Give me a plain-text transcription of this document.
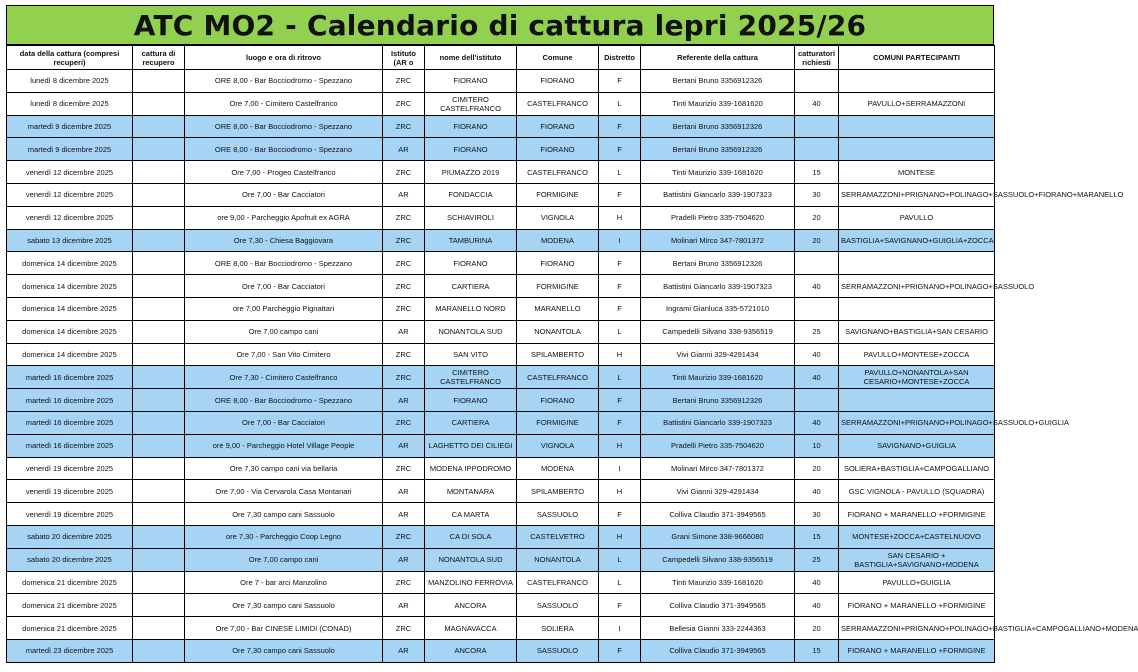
ATC MO2 - Calendario di cattura lepri 2025/26
data della cattura (compresi recuperi)	cattura di recupero	luogo e ora di ritrovo	Istituto (AR o	nome dell'istituto	Comune	Distretto	Referente della cattura	catturatori richiesti	COMUNI PARTECIPANTI
lunedì 8 dicembre 2025		ORE 8,00 - Bar Bocciodromo - Spezzano	ZRC	FIORANO	FIORANO	F	Bertani Bruno 3356912326		
lunedì 8 dicembre 2025		Ore 7,00 - Cimitero Castelfranco	ZRC	CIMITERO CASTELFRANCO	CASTELFRANCO	L	Tinti Maurizio 339-1681620	40	PAVULLO+SERRAMAZZONI
martedì 9 dicembre 2025		ORE 8,00 - Bar Bocciodromo - Spezzano	ZRC	FIORANO	FIORANO	F	Bertani Bruno 3356912326		
martedì 9 dicembre 2025		ORE 8,00 - Bar Bocciodromo - Spezzano	AR	FIORANO	FIORANO	F	Bertani Bruno 3356912326		
venerdì 12 dicembre 2025		Ore 7,00 - Progeo Castelfranco	ZRC	PIUMAZZO 2019	CASTELFRANCO	L	Tinti Maurizio 339-1681620	15	MONTESE
venerdì 12 dicembre 2025		Ore 7,00 - Bar Cacciatori	AR	FONDACCIA	FORMIGINE	F	Battistini Giancarlo 339-1907323	30	SERRAMAZZONI+PRIGNANO+POLINAGO+SASSUOLO+FIORANO+MARANELLO
venerdì 12 dicembre 2025		ore 9,00 - Parcheggio Apofruit ex AGRA	ZRC	SCHIAVIROLI	VIGNOLA	H	Pradelli Pietro 335-7504620	20	PAVULLO
sabato 13 dicembre 2025		Ore 7,30 - Chiesa Baggiovara	ZRC	TAMBURINA	MODENA	I	Molinari Mirco 347-7801372	20	BASTIGLIA+SAVIGNANO+GUIGLIA+ZOCCA
domenica 14 dicembre 2025		ORE 8,00 - Bar Bocciodromo - Spezzano	ZRC	FIORANO	FIORANO	F	Bertani Bruno 3356912326		
domenica 14 dicembre 2025		Ore 7,00 - Bar Cacciatori	ZRC	CARTIERA	FORMIGINE	F	Battistini Giancarlo 339-1907323	40	SERRAMAZZONI+PRIGNANO+POLINAGO+SASSUOLO
domenica 14 dicembre 2025		ore 7,00 Parcheggio Pignattari	ZRC	MARANELLO NORD	MARANELLO	F	Ingrami Gianluca 335-5721010		
domenica 14 dicembre 2025		Ore 7,00 campo cani	AR	NONANTOLA SUD	NONANTOLA	L	Campedelli Silvano 338-9356519	25	SAVIGNANO+BASTIGLIA+SAN CESARIO
domenica 14 dicembre 2025		Ore 7,00 - San Vito Cimitero	ZRC	SAN VITO	SPILAMBERTO	H	Vivi Gianni 329-4291434	40	PAVULLO+MONTESE+ZOCCA
martedì 16 dicembre 2025		Ore 7,30 - Cimitero Castelfranco	ZRC	CIMITERO CASTELFRANCO	CASTELFRANCO	L	Tinti Maurizio 339-1681620	40	PAVULLO+NONANTOLA+SAN CESARIO+MONTESE+ZOCCA
martedì 16 dicembre 2025		ORE 8,00 - Bar Bocciodromo - Spezzano	AR	FIORANO	FIORANO	F	Bertani Bruno 3356912326		
martedì 16 dicembre 2025		Ore 7,00 - Bar Cacciatori	ZRC	CARTIERA	FORMIGINE	F	Battistini Giancarlo 339-1907323	40	SERRAMAZZONI+PRIGNANO+POLINAGO+SASSUOLO+GUIGLIA
martedì 16 dicembre 2025		ore 9,00 - Parcheggio Hotel Village People	AR	LAGHETTO DEI CILIEGI	VIGNOLA	H	Pradelli Pietro 335-7504620	10	SAVIGNANO+GUIGLIA
venerdì 19 dicembre 2025		Ore 7,30 campo cani via bellaria	ZRC	MODENA IPPODROMO	MODENA	I	Molinari Mirco 347-7801372	20	SOLIERA+BASTIGLIA+CAMPOGALLIANO
venerdì 19 dicembre 2025		Ore 7,00 - Via Cervarola Casa Montanari	AR	MONTANARA	SPILAMBERTO	H	Vivi Gianni 329-4291434	40	GSC VIGNOLA - PAVULLO (SQUADRA)
venerdì 19 dicembre 2025		Ore 7,30 campo cani Sassuolo	AR	CA MARTA	SASSUOLO	F	Colliva Claudio 371-3949565	30	FIORANO + MARANELLO +FORMIGINE
sabato 20 dicembre 2025		ore 7,30 - Parcheggio Coop Legno	ZRC	CA DI SOLA	CASTELVETRO	H	Grani Simone 338-9666080	15	MONTESE+ZOCCA+CASTELNUOVO
sabato 20 dicembre 2025		Ore 7,00 campo cani	AR	NONANTOLA SUD	NONANTOLA	L	Campedelli Silvano 338-9356519	25	SAN CESARIO + BASTIGLIA+SAVIGNANO+MODENA
domenica 21 dicembre 2025		Ore 7 - bar arci Manzolino	ZRC	MANZOLINO FERROVIA	CASTELFRANCO	L	Tinti Maurizio 339-1681620	40	PAVULLO+GUIGLIA
domenica 21 dicembre 2025		Ore 7,30 campo cani Sassuolo	AR	ANCORA	SASSUOLO	F	Colliva Claudio 371-3949565	40	FIORANO + MARANELLO +FORMIGINE
domenica 21 dicembre 2025		Ore 7,00 - Bar CINESE LIMIDI (CONAD)	ZRC	MAGNAVACCA	SOLIERA	I	Bellesia Gianni 333-2244363	20	SERRAMAZZONI+PRIGNANO+POLINAGO+BASTIGLIA+CAMPOGALLIANO+MODENA
martedì 23 dicembre 2025		Ore 7,30 campo cani Sassuolo	AR	ANCORA	SASSUOLO	F	Colliva Claudio 371-3949565	15	FIORANO + MARANELLO +FORMIGINE
